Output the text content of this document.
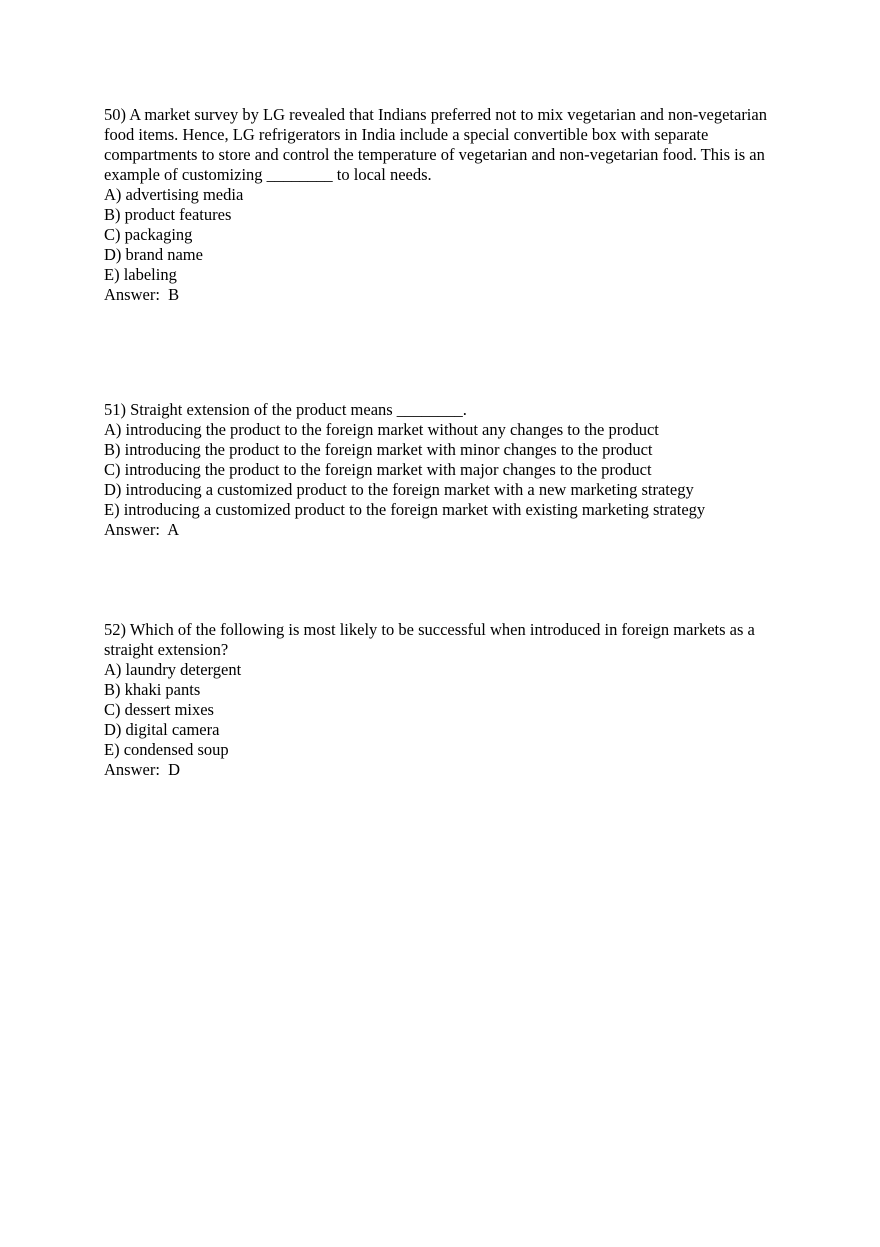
50) A market survey by LG revealed that Indians preferred not to mix vegetarian and non-vegetarian food items. Hence, LG refrigerators in India include a special convertible box with separate compartments to store and control the temperature of vegetarian and non-vegetarian food. This is an example of customizing ________ to local needs.

A) advertising media
B) product features
C) packaging
D) brand name
E) labeling

Answer:  B

51) Straight extension of the product means ________.

A) introducing the product to the foreign market without any changes to the product
B) introducing the product to the foreign market with minor changes to the product
C) introducing the product to the foreign market with major changes to the product
D) introducing a customized product to the foreign market with a new marketing strategy
E) introducing a customized product to the foreign market with existing marketing strategy

Answer:  A

52) Which of the following is most likely to be successful when introduced in foreign markets as a straight extension?

A) laundry detergent
B) khaki pants
C) dessert mixes
D) digital camera
E) condensed soup

Answer:  D
